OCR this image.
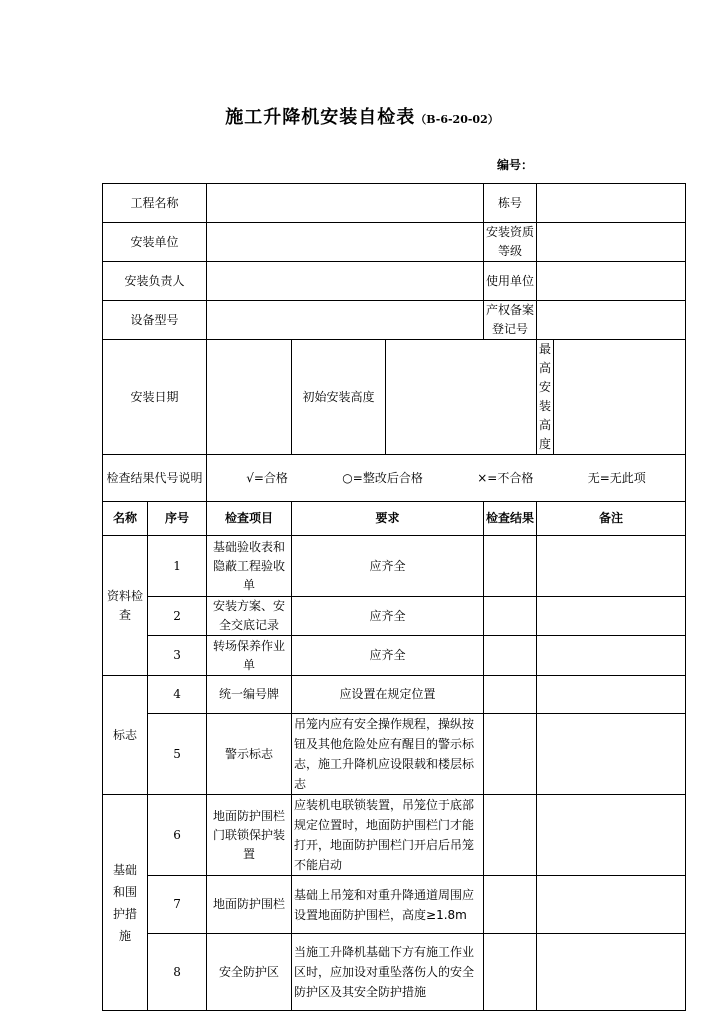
施工升降机安装自检表（B-6-20-02）
编号：
工程名称					栋号		
安装单位					安装资质等级		
安装负责人					使用单位		
设备型号					产权备案登记号		
安装日期			初始安装高度			最高安装高度	
检查结果代号说明		√=合格 ○=整改后合格 ×=不合格 无=无此项					

名称	序号	检查项目	要求		检查结果	备注	
资料检查	1	基础验收表和隐蔽工程验收单	应齐全				
	2	安装方案、安全交底记录	应齐全				
	3	转场保养作业单	应齐全				
标志	4	统一编号牌	应设置在规定位置				
	5	警示标志	吊笼内应有安全操作规程，操纵按钮及其他危险处应有醒目的警示标志，施工升降机应设限载和楼层标志				
基础和围护措施	6	地面防护围栏门联锁保护装置	应装机电联锁装置，吊笼位于底部规定位置时，地面防护围栏门才能打开，地面防护围栏门开启后吊笼不能启动				
	7	地面防护围栏	基础上吊笼和对重升降通道周围应设置地面防护围栏，高度≥1.8m				
	8	安全防护区	当施工升降机基础下方有施工作业区时，应加设对重坠落伤人的安全防护区及其安全防护措施				
